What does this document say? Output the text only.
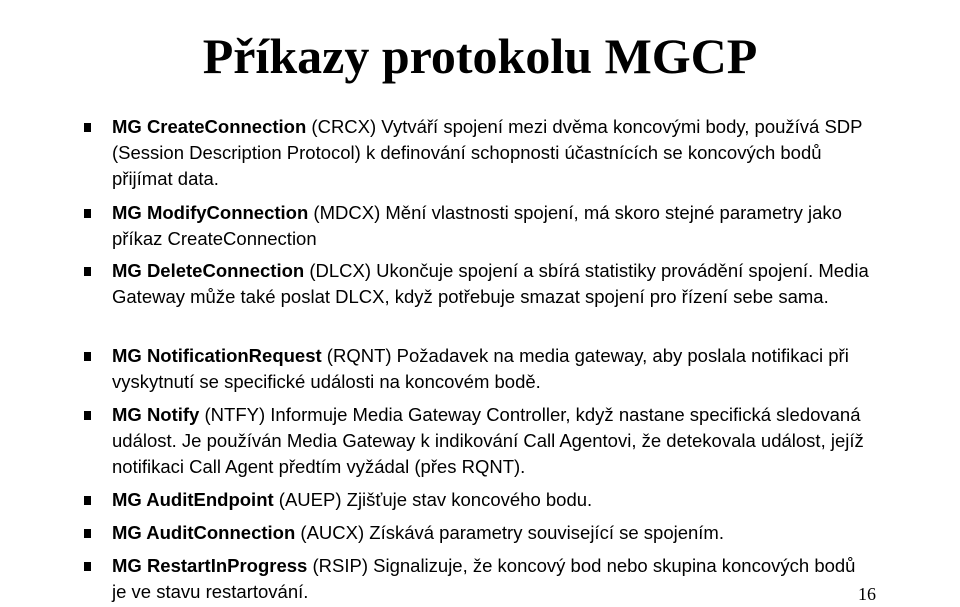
Příkazy protokolu MGCP
MG CreateConnection (CRCX) Vytváří spojení mezi dvěma koncovými body, používá SDP (Session Description Protocol) k definování schopnosti účastnících se koncových bodů přijímat data.
MG ModifyConnection (MDCX) Mění vlastnosti spojení, má skoro stejné parametry jako příkaz CreateConnection
MG DeleteConnection (DLCX) Ukončuje spojení a sbírá statistiky provádění spojení. Media Gateway může také poslat DLCX, když potřebuje smazat spojení pro řízení sebe sama.
MG NotificationRequest (RQNT) Požadavek na media gateway, aby poslala notifikaci při vyskytnutí se specifické události na koncovém bodě.
MG Notify (NTFY) Informuje Media Gateway Controller, když nastane specifická sledovaná událost. Je používán Media Gateway k indikování Call Agentovi, že detekovala událost, jejíž notifikaci Call Agent předtím vyžádal (přes RQNT).
MG AuditEndpoint (AUEP) Zjišťuje stav koncového bodu.
MG AuditConnection (AUCX) Získává parametry související se spojením.
MG RestartInProgress (RSIP) Signalizuje, že koncový bod nebo skupina koncových bodů je ve stavu restartování.	16
